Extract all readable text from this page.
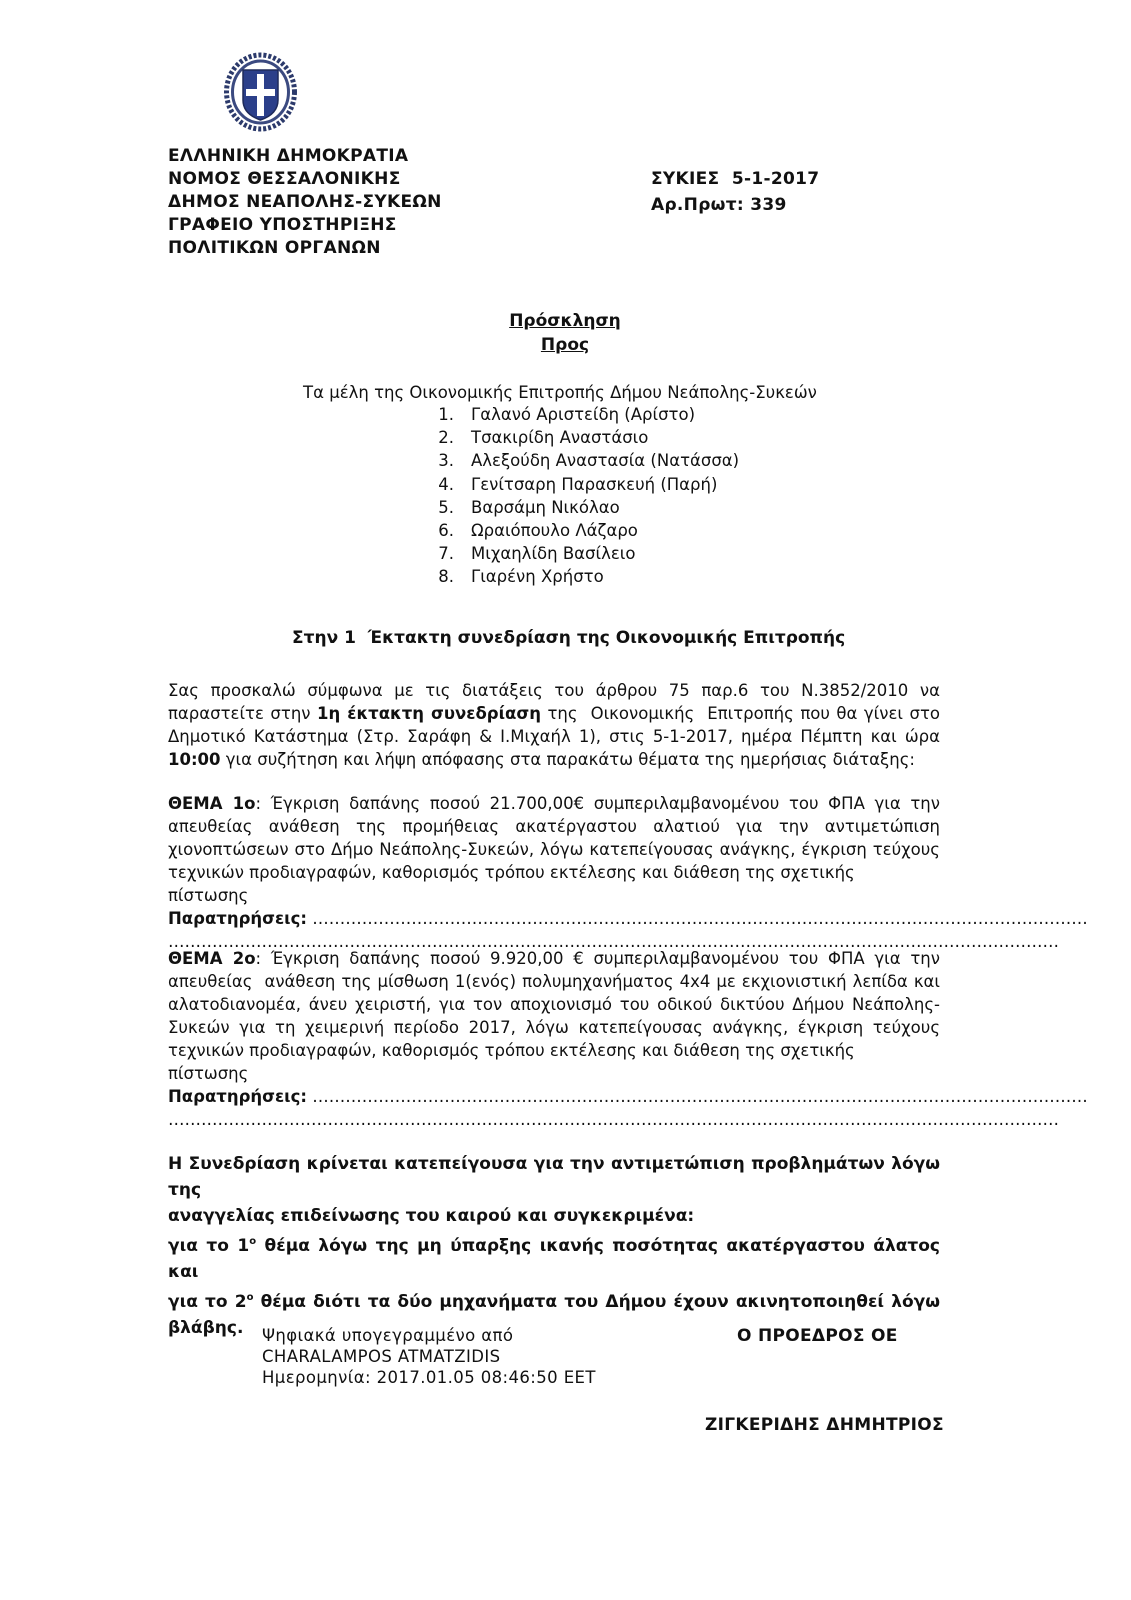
ΕΛΛΗΝΙΚΗ ΔΗΜΟΚΡΑΤΙΑ
ΝΟΜΟΣ ΘΕΣΣΑΛΟΝΙΚΗΣ
ΔΗΜΟΣ ΝΕΑΠΟΛΗΣ-ΣΥΚΕΩΝ
ΓΡΑΦΕΙΟ ΥΠΟΣΤΗΡΙΞΗΣ
ΠΟΛΙΤΙΚΩΝ ΟΡΓΑΝΩΝ
ΣΥΚΙΕΣ  5-1-2017
Αρ.Πρωτ: 339
Πρόσκληση
Προς
Τα μέλη της Οικονομικής Επιτροπής Δήμου Νεάπολης-Συκεών
1. Γαλανό Αριστείδη (Αρίστο)
2. Τσακιρίδη Αναστάσιο
3. Αλεξούδη Αναστασία (Νατάσσα)
4. Γενίτσαρη Παρασκευή (Παρή)
5. Βαρσάμη Νικόλαο
6. Ωραιόπουλο Λάζαρο
7. Μιχαηλίδη Βασίλειο
8. Γιαρένη Χρήστο
Στην 1  Έκτακτη συνεδρίαση της Οικονομικής Επιτροπής
Σας προσκαλώ σύμφωνα με τις διατάξεις του άρθρου 75 παρ.6 του Ν.3852/2010 να
παραστείτε στην 1η έκτακτη συνεδρίαση της  Οικονομικής  Επιτροπής που θα γίνει στο
Δημοτικό Κατάστημα (Στρ. Σαράφη & Ι.Μιχαήλ 1), στις 5-1-2017, ημέρα Πέμπτη και ώρα
10:00 για συζήτηση και λήψη απόφασης στα παρακάτω θέματα της ημερήσιας διάταξης:
ΘΕΜΑ 1ο: Έγκριση δαπάνης ποσού 21.700,00€ συμπεριλαμβανομένου του ΦΠΑ για την
απευθείας ανάθεση της προμήθειας ακατέργαστου αλατιού για την αντιμετώπιση
χιονοπτώσεων στο Δήμο Νεάπολης-Συκεών, λόγω κατεπείγουσας ανάγκης, έγκριση τεύχους
τεχνικών προδιαγραφών, καθορισμός τρόπου εκτέλεσης και διάθεση της σχετικής πίστωσης
Παρατηρήσεις: ……………………………………………………………………………………………………………………………
………………………………………………………………………………………………………………………………………………
ΘΕΜΑ 2ο: Έγκριση δαπάνης ποσού 9.920,00 € συμπεριλαμβανομένου του ΦΠΑ για την
απευθείας  ανάθεση της μίσθωση 1(ενός) πολυμηχανήματος 4x4 με εκχιονιστική λεπίδα και
αλατοδιανομέα, άνευ χειριστή, για τον αποχιονισμό του οδικού δικτύου Δήμου Νεάπολης-
Συκεών για τη χειμερινή περίοδο 2017, λόγω κατεπείγουσας ανάγκης, έγκριση τεύχους
τεχνικών προδιαγραφών, καθορισμός τρόπου εκτέλεσης και διάθεση της σχετικής πίστωσης
Παρατηρήσεις: ……………………………………………………………………………………………………………………………
………………………………………………………………………………………………………………………………………………
Η Συνεδρίαση κρίνεται κατεπείγουσα για την αντιμετώπιση προβλημάτων λόγω της
αναγγελίας επιδείνωσης του καιρού και συγκεκριμένα:
για το $1^o$ θέμα λόγω της μη ύπαρξης ικανής ποσότητας ακατέργαστου άλατος και
για το $2^o$ θέμα διότι τα δύο μηχανήματα του Δήμου έχουν ακινητοποιηθεί λόγω
βλάβης.	Ψηφιακά υπογεγραμμένο από
CHARALAMPOS ATMATZIDIS
Ημερομηνία: 2017.01.05 08:46:50 EET
Ο ΠΡΟΕΔΡΟΣ ΟΕ
ΖΙΓΚΕΡΙΔΗΣ ΔΗΜΗΤΡΙΟΣ
